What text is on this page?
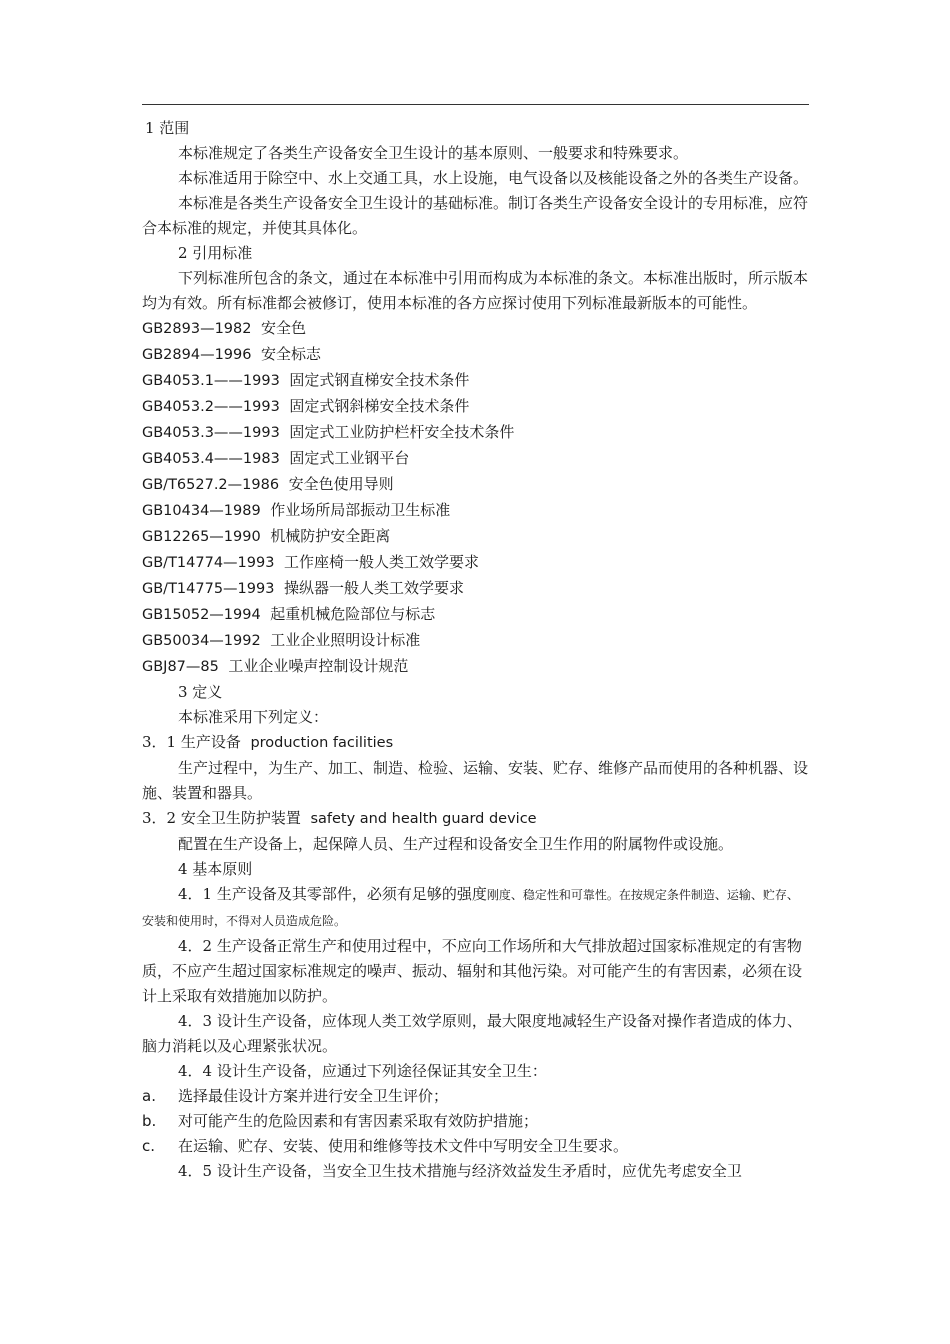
1 范围

本标准规定了各类生产设备安全卫生设计的基本原则、一般要求和特殊要求。

本标准适用于除空中、水上交通工具，水上设施，电气设备以及核能设备之外的各类生产设备。

本标准是各类生产设备安全卫生设计的基础标准。制订各类生产设备安全设计的专用标准，应符合本标准的规定，并使其具体化。

2 引用标准

下列标准所包含的条文，通过在本标准中引用而构成为本标准的条文。本标准出版时，所示版本均为有效。所有标准都会被修订，使用本标准的各方应探讨使用下列标准最新版本的可能性。

GB2893—1982 安全色

GB2894—1996 安全标志

GB4053.1——1993 固定式钢直梯安全技术条件

GB4053.2——1993 固定式钢斜梯安全技术条件

GB4053.3——1993 固定式工业防护栏杆安全技术条件

GB4053.4——1983 固定式工业钢平台

GB/T6527.2—1986 安全色使用导则

GB10434—1989 作业场所局部振动卫生标准

GB12265—1990 机械防护安全距离

GB/T14774—1993 工作座椅一般人类工效学要求

GB/T14775—1993 操纵器一般人类工效学要求

GB15052—1994 起重机械危险部位与标志

GB50034—1992 工业企业照明设计标准

GBJ87—85 工业企业噪声控制设计规范

3 定义

本标准采用下列定义：

3．1 生产设备 production facilities

生产过程中，为生产、加工、制造、检验、运输、安装、贮存、维修产品而使用的各种机器、设施、装置和器具。

3．2 安全卫生防护装置 safety and health guard device

配置在生产设备上，起保障人员、生产过程和设备安全卫生作用的附属物件或设施。

4 基本原则

4．1 生产设备及其零部件，必须有足够的强度刚度、稳定性和可靠性。在按规定条件制造、运输、贮存、安装和使用时，不得对人员造成危险。

4．2 生产设备正常生产和使用过程中，不应向工作场所和大气排放超过国家标准规定的有害物质，不应产生超过国家标准规定的噪声、振动、辐射和其他污染。对可能产生的有害因素，必须在设计上采取有效措施加以防护。

4．3 设计生产设备，应体现人类工效学原则，最大限度地减轻生产设备对操作者造成的体力、脑力消耗以及心理紧张状况。

4．4 设计生产设备，应通过下列途径保证其安全卫生：

a. 选择最佳设计方案并进行安全卫生评价；

b. 对可能产生的危险因素和有害因素采取有效防护措施；

c. 在运输、贮存、安装、使用和维修等技术文件中写明安全卫生要求。

4．5 设计生产设备，当安全卫生技术措施与经济效益发生矛盾时，应优先考虑安全卫
